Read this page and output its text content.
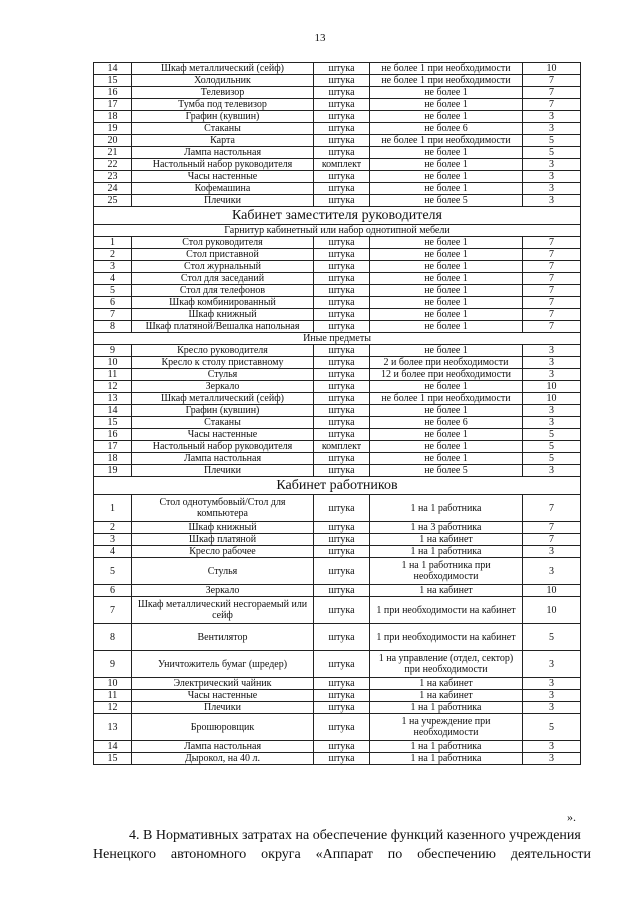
13
14	Шкаф металлический (сейф)	штука	не более 1 при необходимости	10
15	Холодильник	штука	не более 1 при необходимости	7
16	Телевизор	штука	не более 1	7
17	Тумба под телевизор	штука	не более 1	7
18	Графин (кувшин)	штука	не более 1	3
19	Стаканы	штука	не более 6	3
20	Карта	штука	не более 1 при необходимости	5
21	Лампа настольная	штука	не более 1	5
22	Настольный набор руководителя	комплект	не более 1	3
23	Часы настенные	штука	не более 1	3
24	Кофемашина	штука	не более 1	3
25	Плечики	штука	не более 5	3
Кабинет заместителя руководителя				
Гарнитур кабинетный или набор однотипной мебели				
1	Стол руководителя	штука	не более 1	7
2	Стол приставной	штука	не более 1	7
3	Стол журнальный	штука	не более 1	7
4	Стол для заседаний	штука	не более 1	7
5	Стол для телефонов	штука	не более 1	7
6	Шкаф комбинированный	штука	не более 1	7
7	Шкаф книжный	штука	не более 1	7
8	Шкаф платяной/Вешалка напольная	штука	не более 1	7
Иные предметы				
9	Кресло руководителя	штука	не более 1	3
10	Кресло к столу приставному	штука	2 и более при необходимости	3
11	Стулья	штука	12 и более при необходимости	3
12	Зеркало	штука	не более 1	10
13	Шкаф металлический (сейф)	штука	не более 1 при необходимости	10
14	Графин (кувшин)	штука	не более 1	3
15	Стаканы	штука	не более 6	3
16	Часы настенные	штука	не более 1	5
17	Настольный набор руководителя	комплект	не более 1	5
18	Лампа настольная	штука	не более 1	5
19	Плечики	штука	не более 5	3
Кабинет работников				
1	Стол однотумбовый/Стол для компьютера	штука	1 на 1 работника	7
2	Шкаф книжный	штука	1 на 3 работника	7
3	Шкаф платяной	штука	1 на кабинет	7
4	Кресло рабочее	штука	1 на 1 работника	3
5	Стулья	штука	1 на 1 работника при необходимости	3
6	Зеркало	штука	1 на кабинет	10
7	Шкаф металлический несгораемый или сейф	штука	1 при необходимости на кабинет	10
8	Вентилятор	штука	1 при необходимости на кабинет	5
9	Уничтожитель бумаг (шредер)	штука	1 на управление (отдел, сектор) при необходимости	3
10	Электрический чайник	штука	1 на кабинет	3
11	Часы настенные	штука	1 на кабинет	3
12	Плечики	штука	1 на 1 работника	3
13	Брошюровщик	штука	1 на учреждение при необходимости	5
14	Лампа настольная	штука	1 на 1 работника	3
15	Дырокол, на 40 л.	штука	1 на 1 работника	3
».
4. В Нормативных затратах на обеспечение функций казенного учреждения
Ненецкого автономного округа «Аппарат по обеспечению деятельности
